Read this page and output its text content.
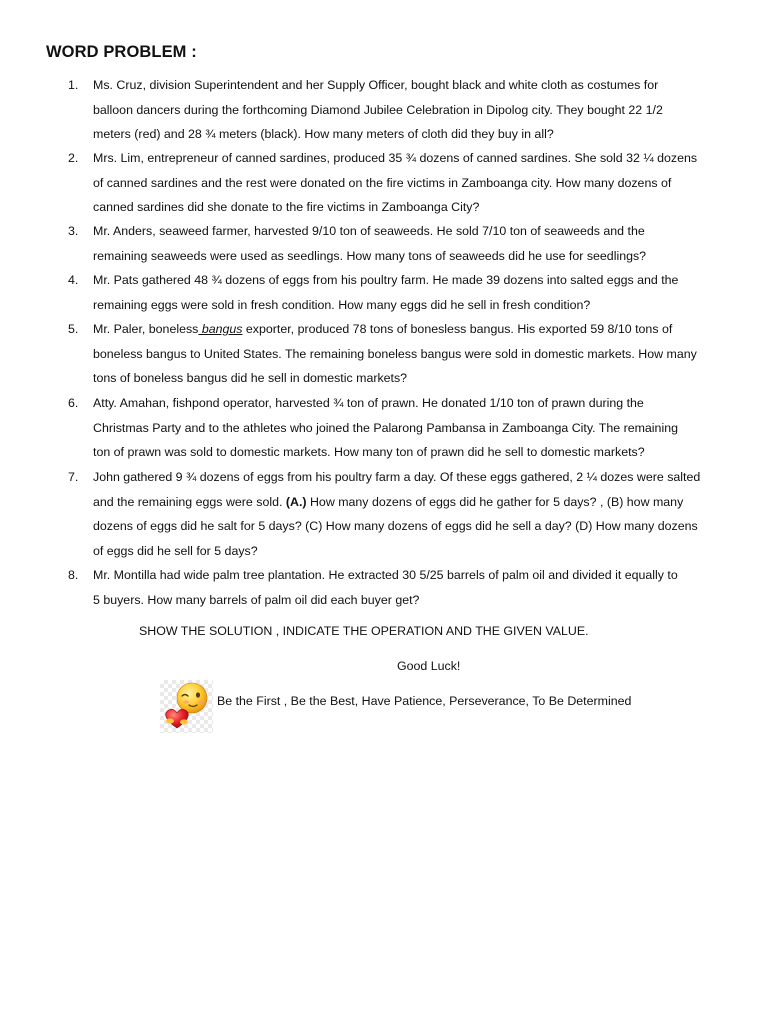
WORD PROBLEM :
1.	Ms. Cruz, division Superintendent and her Supply Officer, bought black and white cloth as costumes for
balloon dancers during the forthcoming Diamond Jubilee Celebration in Dipolog city. They bought 22 1/2
meters (red) and 28 ¾ meters (black). How many meters of cloth did they buy in all?
2.	Mrs. Lim, entrepreneur of canned sardines, produced 35 ¾ dozens of canned sardines. She sold 32 ¼ dozens
of canned sardines and the rest were donated on the fire victims in Zamboanga city. How many dozens of
canned sardines did she donate to the fire victims in Zamboanga City?
3.	Mr. Anders, seaweed farmer, harvested 9/10 ton of seaweeds. He sold 7/10 ton of seaweeds and the
remaining seaweeds were used as seedlings. How many tons of seaweeds did he use for seedlings?
4.	Mr. Pats gathered 48 ¾ dozens of eggs from his poultry farm. He made 39 dozens into salted eggs and the
remaining eggs were sold in fresh condition. How many eggs did he sell in fresh condition?
5.	Mr. Paler, boneless bangus exporter, produced 78 tons of bonesless bangus. His exported 59 8/10 tons of
boneless bangus to United States. The remaining boneless bangus were sold in domestic markets. How many
tons of boneless bangus did he sell in domestic markets?
6.	Atty. Amahan, fishpond operator, harvested ¾ ton of prawn. He donated 1/10 ton of prawn during the
Christmas Party and to the athletes who joined the Palarong Pambansa in Zamboanga City. The remaining
ton of prawn was sold to domestic markets. How many ton of prawn did he sell to domestic markets?
7.	John gathered 9 ¾ dozens of eggs from his poultry farm a day. Of these eggs gathered, 2 ¼ dozes were salted
and the remaining eggs were sold. (A.) How many dozens of eggs did he gather for 5 days? , (B) how many
dozens of eggs did he salt for 5 days? (C) How many dozens of eggs did he sell a day? (D) How many dozens
of eggs did he sell for 5 days?
8.	Mr. Montilla had wide palm tree plantation. He extracted 30 5/25 barrels of palm oil and divided it equally to
5 buyers. How many barrels of palm oil did each buyer get?
SHOW THE SOLUTION , INDICATE THE OPERATION AND THE GIVEN VALUE.
Good Luck!
Be the First , Be the Best, Have Patience, Perseverance, To Be Determined
